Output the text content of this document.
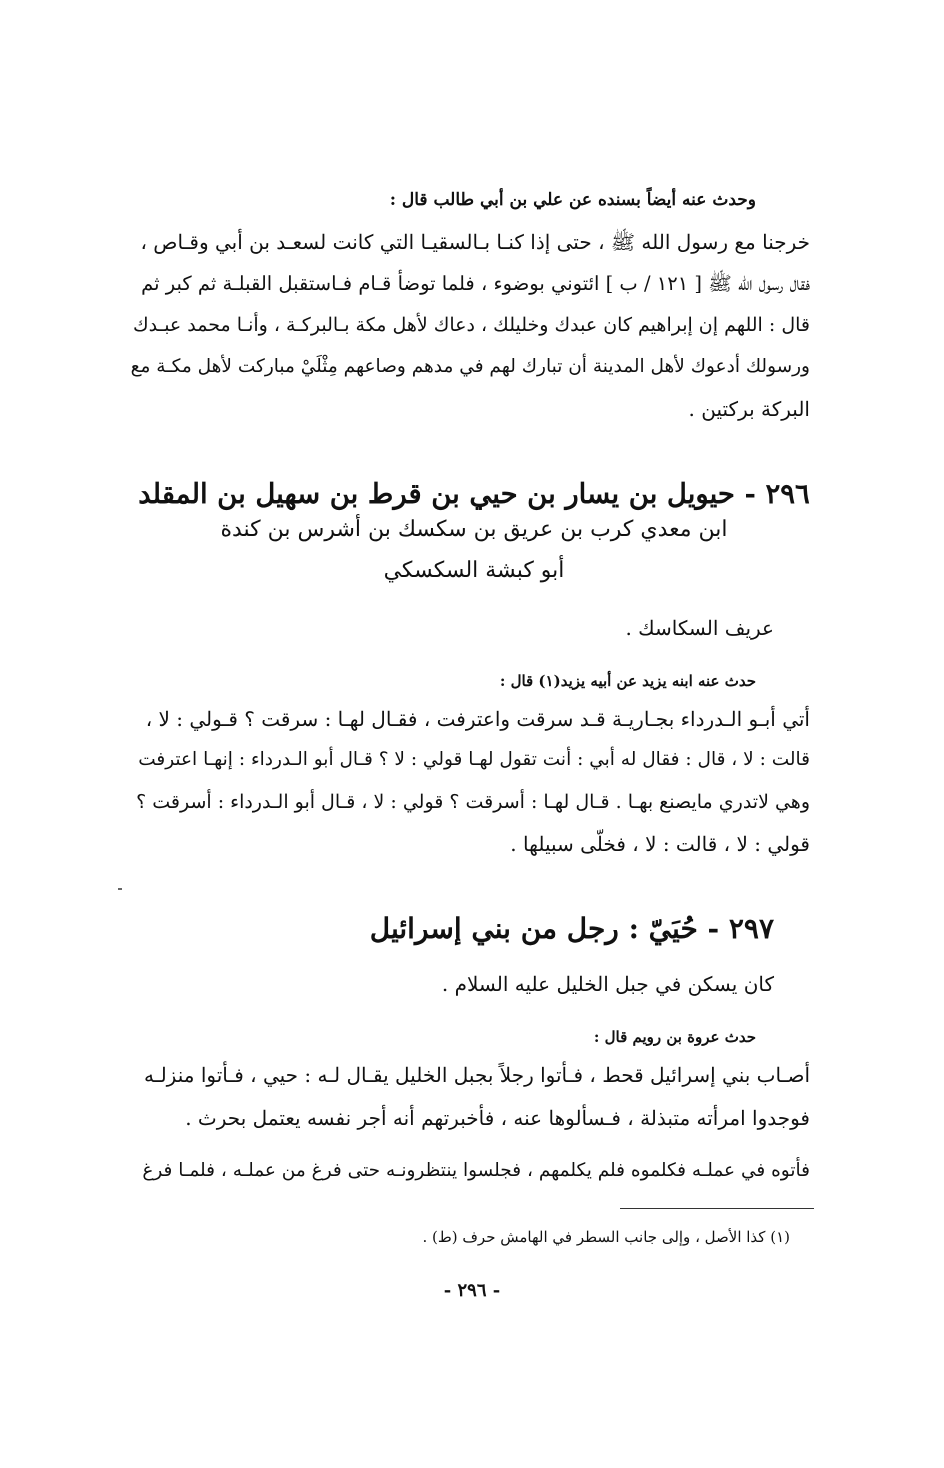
وحدث عنه أيضاً بسنده عن علي بن أبي طالب قال :
خرجنا مع رسول الله ﷺ ، حتى إذا كنـا بـالسقيـا التي كانت لسعـد بن أبي وقـاص ،
فقال رسول الله ﷺ [ ١٢١ / ب ] ائتوني بوضوء ، فلما توضأ قـام فـاستقبل القبلـة ثم كبر ثم
قال : اللهم إن إبراهيم كان عبدك وخليلك ، دعاك لأهل مكة بـالبركـة ، وأنـا محمد عبـدك
ورسولك أدعوك لأهل المدينة أن تبارك لهم في مدهم وصاعهم مِثْلَيْ مباركت لأهل مكـة مع
البركة بركتين .
٢٩٦ - حيويل بن يسار بن حيي بن قرط بن سهيل بن المقلد
ابن معدي كرب بن عريق بن سكسك بن أشرس بن كندة
أبو كبشة السكسكي
عريف السكاسك .
حدث عنه ابنه يزيد عن أبيه يزيد(١) قال :
أتي أبـو الـدرداء بجـاريـة قـد سرقت واعترفت ، فقـال لهـا : سرقت ؟ قـولي : لا ،
قالت : لا ، قال : فقال له أبي : أنت تقول لهـا قولي : لا ؟ قـال أبو الـدرداء : إنهـا اعترفت
وهي لاتدري مايصنع بهـا . قـال لهـا : أسرقت ؟ قولي : لا ، قـال أبو الـدرداء : أسرقت ؟
قولي : لا ، قالت : لا ، فخلّى سبيلها .
٢٩٧ - حُيَيّ : رجل من بني إسرائيل
كان يسكن في جبل الخليل عليه السلام .
حدث عروة بن رويم قال :
أصـاب بني إسرائيل قحط ، فـأتوا رجلاً بجبل الخليل يقـال لـه : حيي ، فـأتوا منزلـه
فوجدوا امرأته متبذلة ، فـسألوها عنه ، فأخبرتهم أنه أجر نفسه يعتمل بحرث .
فأتوه في عملـه فكلموه فلم يكلمهم ، فجلسوا ينتظرونـه حتى فرغ من عملـه ، فلمـا فرغ
(١) كذا الأصل ، وإلى جانب السطر في الهامش حرف (ط) .
- ٢٩٦ -
